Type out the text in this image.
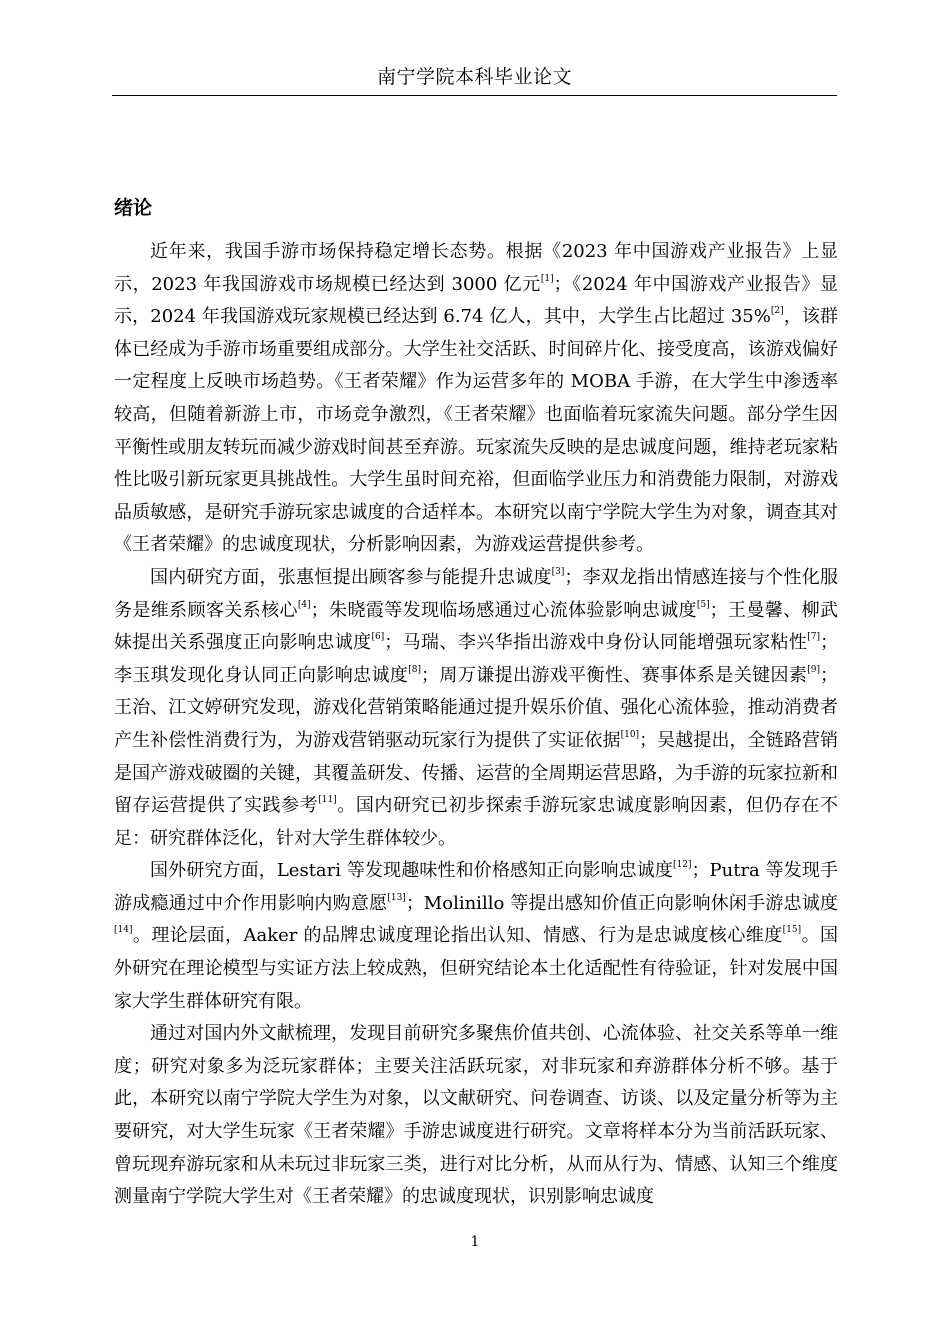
南宁学院本科毕业论文
绪论

近年来，我国手游市场保持稳定增长态势。根据《2023 年中国游戏产业报告》上显示，2023 年我国游戏市场规模已经达到 3000 亿元[1]；《2024 年中国游戏产业报告》显示，2024 年我国游戏玩家规模已经达到 6.74 亿人，其中，大学生占比超过 35%[2]，该群体已经成为手游市场重要组成部分。大学生社交活跃、时间碎片化、接受度高，该游戏偏好一定程度上反映市场趋势。《王者荣耀》作为运营多年的 MOBA 手游，在大学生中渗透率较高，但随着新游上市，市场竞争激烈，《王者荣耀》也面临着玩家流失问题。部分学生因平衡性或朋友转玩而减少游戏时间甚至弃游。玩家流失反映的是忠诚度问题，维持老玩家粘性比吸引新玩家更具挑战性。大学生虽时间充裕，但面临学业压力和消费能力限制，对游戏品质敏感，是研究手游玩家忠诚度的合适样本。本研究以南宁学院大学生为对象，调查其对《王者荣耀》的忠诚度现状，分析影响因素，为游戏运营提供参考。

国内研究方面，张惠恒提出顾客参与能提升忠诚度[3]；李双龙指出情感连接与个性化服务是维系顾客关系核心[4]；朱晓霞等发现临场感通过心流体验影响忠诚度[5]；王曼馨、柳武妹提出关系强度正向影响忠诚度[6]；马瑞、李兴华指出游戏中身份认同能增强玩家粘性[7]；李玉琪发现化身认同正向影响忠诚度[8]；周万谦提出游戏平衡性、赛事体系是关键因素[9]；王治、江文婷研究发现，游戏化营销策略能通过提升娱乐价值、强化心流体验，推动消费者产生补偿性消费行为，为游戏营销驱动玩家行为提供了实证依据[10]；吴越提出，全链路营销是国产游戏破圈的关键，其覆盖研发、传播、运营的全周期运营思路，为手游的玩家拉新和留存运营提供了实践参考[11]。国内研究已初步探索手游玩家忠诚度影响因素，但仍存在不足：研究群体泛化，针对大学生群体较少。

国外研究方面，Lestari 等发现趣味性和价格感知正向影响忠诚度[12]；Putra 等发现手游成瘾通过中介作用影响内购意愿[13]；Molinillo 等提出感知价值正向影响休闲手游忠诚度[14]。理论层面，Aaker 的品牌忠诚度理论指出认知、情感、行为是忠诚度核心维度[15]。国外研究在理论模型与实证方法上较成熟，但研究结论本土化适配性有待验证，针对发展中国家大学生群体研究有限。

通过对国内外文献梳理，发现目前研究多聚焦价值共创、心流体验、社交关系等单一维度；研究对象多为泛玩家群体；主要关注活跃玩家，对非玩家和弃游群体分析不够。基于此，本研究以南宁学院大学生为对象，以文献研究、问卷调查、访谈、以及定量分析等为主要研究，对大学生玩家《王者荣耀》手游忠诚度进行研究。文章将样本分为当前活跃玩家、曾玩现弃游玩家和从未玩过非玩家三类，进行对比分析，从而从行为、情感、认知三个维度测量南宁学院大学生对《王者荣耀》的忠诚度现状，识别影响忠诚度

1
